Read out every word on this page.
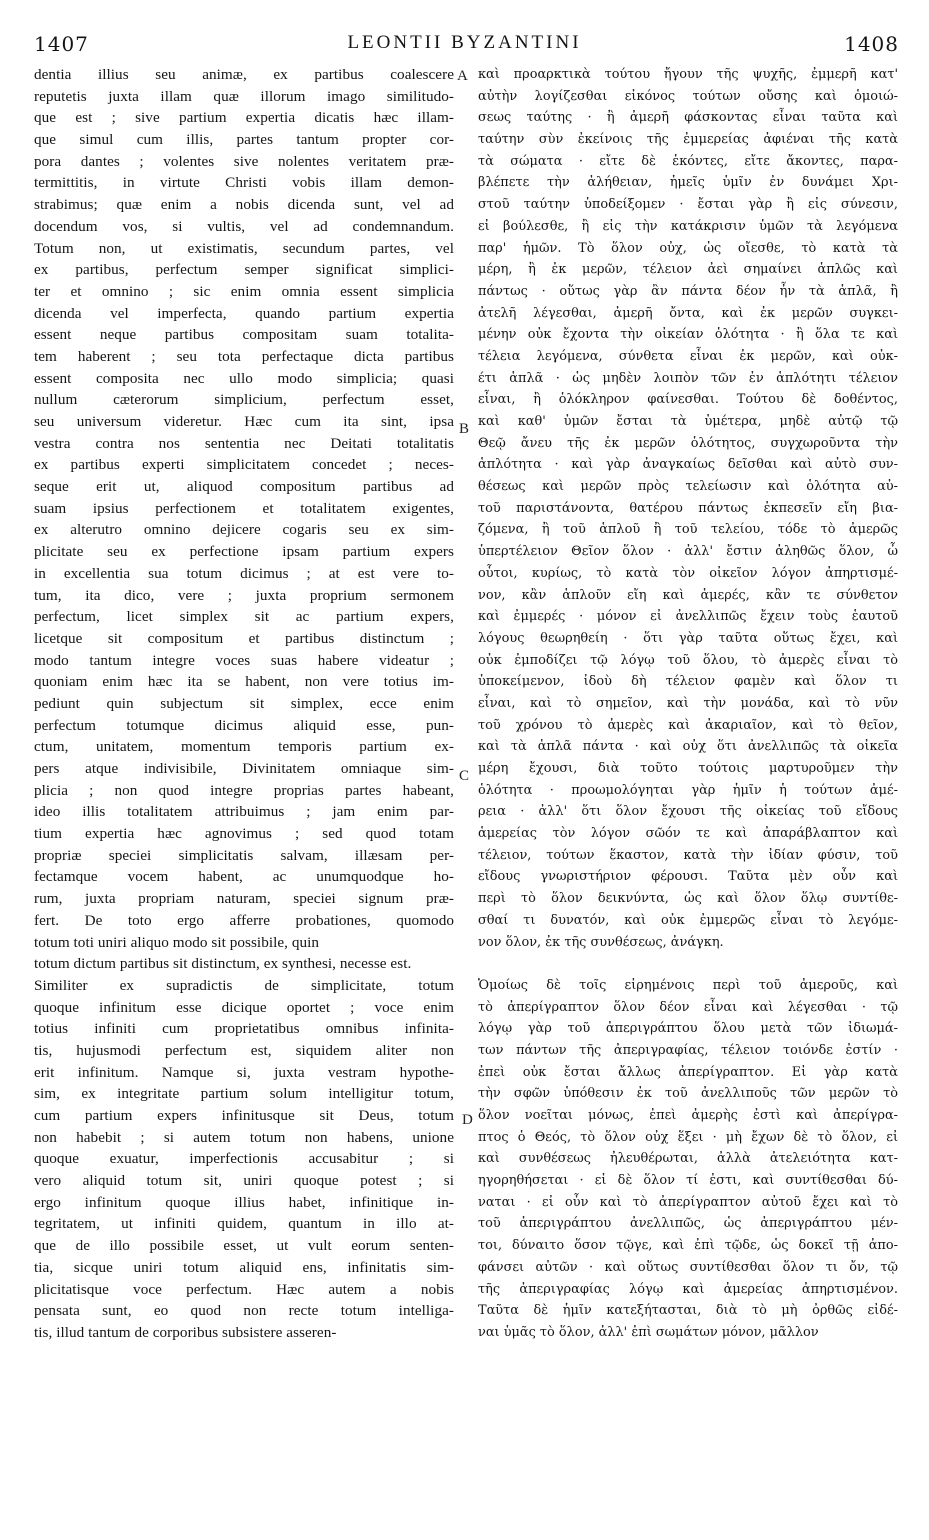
1407	LEONTII BYZANTINI	1408
dentia illius seu animæ, ex partibus coalescere
reputetis juxta illam quæ illorum imago similitudo-
que est ; sive partium expertia dicatis hæc illam-
que simul cum illis, partes tantum propter cor-
pora dantes ; volentes sive nolentes veritatem præ-
termittitis, in virtute Christi vobis illam demon-
strabimus; quæ enim a nobis dicenda sunt, vel ad
docendum vos, si vultis, vel ad condemnandum.
Totum non, ut existimatis, secundum partes, vel
ex partibus, perfectum semper significat simplici-
ter et omnino ; sic enim omnia essent simplicia
dicenda vel imperfecta, quando partium expertia
essent neque partibus compositam suam totalita-
tem haberent ; seu tota perfectaque dicta partibus
essent composita nec ullo modo simplicia; quasi
nullum cæterorum simplicium, perfectum esset,
seu universum videretur. Hæc cum ita sint, ipsa
vestra contra nos sententia nec Deitati totalitatis
ex partibus experti simplicitatem concedet ; neces-
seque erit ut, aliquod compositum partibus ad
suam ipsius perfectionem et totalitatem exigentes,
ex alterutro omnino dejicere cogaris seu ex sim-
plicitate seu ex perfectione ipsam partium expers
in excellentia sua totum dicimus ; at est vere to-
tum, ita dico, vere ; juxta proprium sermonem
perfectum, licet simplex sit ac partium expers,
licetque sit compositum et partibus distinctum ;
modo tantum integre voces suas habere videatur ;
quoniam enim hæc ita se habent, non vere totius im-
pediunt quin subjectum sit simplex, ecce enim
perfectum totumque dicimus aliquid esse, pun-
ctum, unitatem, momentum temporis partium ex-
pers atque indivisibile, Divinitatem omniaque sim-
plicia ; non quod integre proprias partes habeant,
ideo illis totalitatem attribuimus ; jam enim par-
tium expertia hæc agnovimus ; sed quod totam
propriæ speciei simplicitatis salvam, illæsam per-
fectamque vocem habent, ac unumquodque ho-
rum, juxta propriam naturam, speciei signum præ-
fert. De toto ergo afferre probationes, quomodo
totum toti uniri aliquo modo sit possibile, quin
totum dictum partibus sit distinctum, ex synthesi, necesse est.
Similiter ex supradictis de simplicitate, totum
quoque infinitum esse dicique oportet ; voce enim
totius infiniti cum proprietatibus omnibus infinita-
tis, hujusmodi perfectum est, siquidem aliter non
erit infinitum. Namque si, juxta vestram hypothe-
sim, ex integritate partium solum intelligitur totum,
cum partium expers infinitusque sit Deus, totum
non habebit ; si autem totum non habens, unione
quoque exuatur, imperfectionis accusabitur ; si
vero aliquid totum sit, uniri quoque potest ; si
ergo infinitum quoque illius habet, infinitique in-
tegritatem, ut infiniti quidem, quantum in illo at-
que de illo possibile esset, ut vult eorum senten-
tia, sicque uniri totum aliquid ens, infinitatis sim-
plicitatisque voce perfectum. Hæc autem a nobis
pensata sunt, eo quod non recte totum intelliga-
tis, illud tantum de corporibus subsistere asseren-
καὶ προαρκτικὰ τούτου ἤγουν τῆς ψυχῆς, ἐμμερῆ κατ'
αὐτὴν λογίζεσθαι εἰκόνος τούτων οὔσης καὶ ὁμοιώ-
σεως ταύτης · ἢ ἀμερῆ φάσκοντας εἶναι ταῦτα καὶ
ταύτην σὺν ἐκείνοις τῆς ἐμμερείας ἀφιέναι τῆς κατὰ
τὰ σώματα · εἴτε δὲ ἑκόντες, εἴτε ἄκοντες, παρα-
βλέπετε τὴν ἀλήθειαν, ἡμεῖς ὑμῖν ἐν δυνάμει Χρι-
στοῦ ταύτην ὑποδείξομεν · ἔσται γὰρ ἢ εἰς σύνεσιν,
εἰ βούλεσθε, ἢ εἰς τὴν κατάκρισιν ὑμῶν τὰ λεγόμενα
παρ' ἡμῶν. Τὸ ὅλον οὐχ, ὡς οἴεσθε, τὸ κατὰ τὰ
μέρη, ἢ ἐκ μερῶν, τέλειον ἀεὶ σημαίνει ἁπλῶς καὶ
πάντως · οὕτως γὰρ ἂν πάντα δέον ἦν τὰ ἁπλᾶ, ἢ
ἀτελῆ λέγεσθαι, ἀμερῆ ὄντα, καὶ ἐκ μερῶν συγκει-
μένην οὐκ ἔχοντα τὴν οἰκείαν ὁλότητα · ἢ ὅλα τε καὶ
τέλεια λεγόμενα, σύνθετα εἶναι ἐκ μερῶν, καὶ οὐκ-
έτι ἁπλᾶ · ὡς μηδὲν λοιπὸν τῶν ἐν ἁπλότητι τέλειον
εἶναι, ἢ ὁλόκληρον φαίνεσθαι. Τούτου δὲ δοθέντος,
καὶ καθ' ὑμῶν ἔσται τὰ ὑμέτερα, μηδὲ αὐτῷ τῷ
Θεῷ ἄνευ τῆς ἐκ μερῶν ὁλότητος, συγχωροῦντα τὴν
ἁπλότητα · καὶ γὰρ ἀναγκαίως δεῖσθαι καὶ αὐτὸ συν-
θέσεως καὶ μερῶν πρὸς τελείωσιν καὶ ὁλότητα αὐ-
τοῦ παριστάνοντα, θατέρου πάντως ἐκπεσεῖν εἴη βια-
ζόμενα, ἢ τοῦ ἁπλοῦ ἢ τοῦ τελείου, τόδε τὸ ἀμερῶς
ὑπερτέλειον Θεῖον ὅλον · ἀλλ' ἔστιν ἀληθῶς ὅλον, ὦ
οὗτοι, κυρίως, τὸ κατὰ τὸν οἰκεῖον λόγον ἀπηρτισμέ-
νον, κἂν ἁπλοῦν εἴη καὶ ἀμερές, κἂν τε σύνθετον
καὶ ἐμμερές · μόνον εἰ ἀνελλιπῶς ἔχειν τοὺς ἑαυτοῦ
λόγους θεωρηθείη · ὅτι γὰρ ταῦτα οὕτως ἔχει, καὶ
οὐκ ἐμποδίζει τῷ λόγῳ τοῦ ὅλου, τὸ ἀμερὲς εἶναι τὸ
ὑποκείμενον, ἰδοὺ δὴ τέλειον φαμὲν καὶ ὅλον τι
εἶναι, καὶ τὸ σημεῖον, καὶ τὴν μονάδα, καὶ τὸ νῦν
τοῦ χρόνου τὸ ἀμερὲς καὶ ἀκαριαῖον, καὶ τὸ θεῖον,
καὶ τὰ ἁπλᾶ πάντα · καὶ οὐχ ὅτι ἀνελλιπῶς τὰ οἰκεῖα
μέρη ἔχουσι, διὰ τοῦτο τούτοις μαρτυροῦμεν τὴν
ὁλότητα · προωμολόγηται γὰρ ἡμῖν ἡ τούτων ἀμέ-
ρεια · ἀλλ' ὅτι ὅλον ἔχουσι τῆς οἰκείας τοῦ εἴδους
ἁμερείας τὸν λόγον σῶόν τε καὶ ἀπαράβλαπτον καὶ
τέλειον, τούτων ἕκαστον, κατὰ τὴν ἰδίαν φύσιν, τοῦ
εἴδους γνωριστήριον φέρουσι. Ταῦτα μὲν οὖν καὶ
περὶ τὸ ὅλον δεικνύντα, ὡς καὶ ὅλον ὅλῳ συντίθε-
σθαί τι δυνατόν, καὶ οὐκ ἐμμερῶς εἶναι τὸ λεγόμε-
νον ὅλον, ἐκ τῆς συνθέσεως, ἀνάγκη.
Ὁμοίως δὲ τοῖς εἰρημένοις περὶ τοῦ ἀμεροῦς, καὶ
τὸ ἀπερίγραπτον ὅλον δέον εἶναι καὶ λέγεσθαι · τῷ
λόγῳ γὰρ τοῦ ἀπεριγράπτου ὅλου μετὰ τῶν ἰδιωμά-
των πάντων τῆς ἀπεριγραφίας, τέλειον τοιόνδε ἐστίν ·
ἐπεὶ οὐκ ἔσται ἄλλως ἀπερίγραπτον. Εἰ γὰρ κατὰ
τὴν σφῶν ὑπόθεσιν ἐκ τοῦ ἀνελλιποῦς τῶν μερῶν τὸ
ὅλον νοεῖται μόνως, ἐπεὶ ἀμερὴς ἐστὶ καὶ ἀπερίγρα-
πτος ὁ Θεός, τὸ ὅλον οὐχ ἕξει · μὴ ἔχων δὲ τὸ ὅλον, εἰ
καὶ συνθέσεως ἠλευθέρωται, ἀλλὰ ἀτελειότητα κατ-
ηγορηθήσεται · εἰ δὲ ὅλον τί ἐστι, καὶ συντίθεσθαι δύ-
ναται · εἰ οὖν καὶ τὸ ἀπερίγραπτον αὐτοῦ ἔχει καὶ τὸ
τοῦ ἀπεριγράπτου ἀνελλιπῶς, ὡς ἀπεριγράπτου μέν-
τοι, δύναιτο ὅσον τῷγε, καὶ ἐπὶ τῷδε, ὡς δοκεῖ τῇ ἀπο-
φάνσει αὐτῶν · καὶ οὕτως συντίθεσθαι ὅλον τι ὄν, τῷ
τῆς ἀπεριγραφίας λόγῳ καὶ ἀμερείας ἀπηρτισμένον.
Ταῦτα δὲ ἡμῖν κατεξήτασται, διὰ τὸ μὴ ὀρθῶς εἰδέ-
ναι ὑμᾶς τὸ ὅλον, ἀλλ' ἐπὶ σωμάτων μόνον, μᾶλλον
A
B
C
D
